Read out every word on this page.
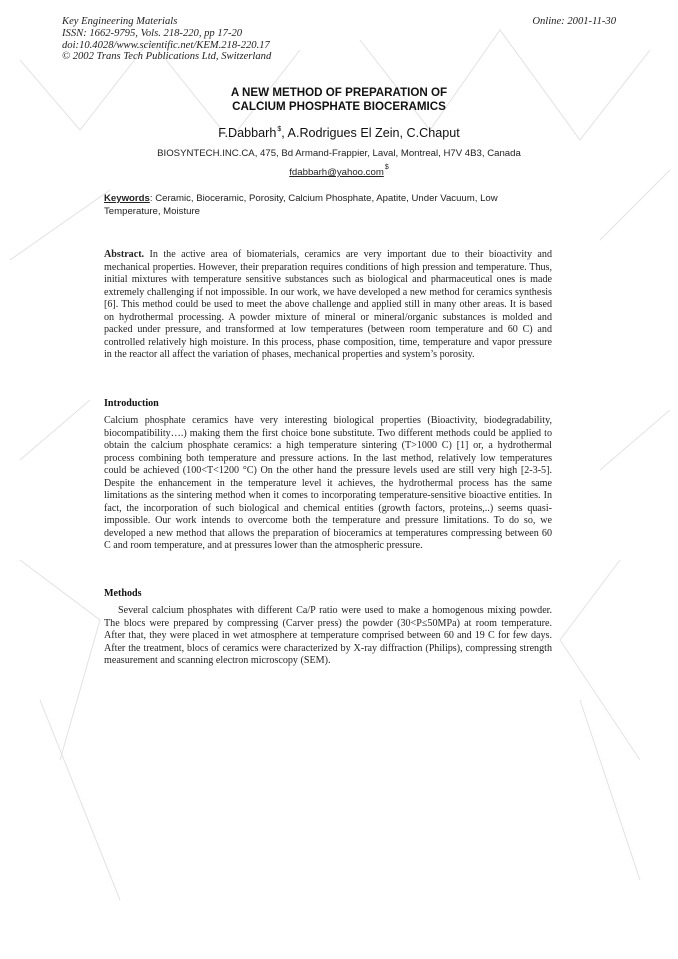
Key Engineering Materials
ISSN: 1662-9795, Vols. 218-220, pp 17-20
doi:10.4028/www.scientific.net/KEM.218-220.17
© 2002 Trans Tech Publications Ltd, Switzerland
Online: 2001-11-30
A NEW METHOD OF PREPARATION OF
CALCIUM PHOSPHATE BIOCERAMICS
F.Dabbarh$, A.Rodrigues El Zein, C.Chaput
BIOSYNTECH.INC.CA, 475, Bd Armand-Frappier, Laval, Montreal, H7V 4B3, Canada
fdabbarh@yahoo.com$
Keywords: Ceramic, Bioceramic, Porosity, Calcium Phosphate, Apatite, Under Vacuum, Low Temperature, Moisture
Abstract. In the active area of biomaterials, ceramics are very important due to their bioactivity and mechanical properties. However, their preparation requires conditions of high pression and temperature. Thus, initial mixtures with temperature sensitive substances such as biological and pharmaceutical ones is made extremely challenging if not impossible. In our work, we have developed a new method for ceramics synthesis [6]. This method could be used to meet the above challenge and applied still in many other areas. It is based on hydrothermal processing. A powder mixture of mineral or mineral/organic substances is molded and packed under pressure, and transformed at low temperatures (between room temperature and 60 C) and controlled relatively high moisture. In this process, phase composition, time, temperature and vapor pressure in the reactor all affect the variation of phases, mechanical properties and system’s porosity.
Introduction
Calcium phosphate ceramics have very interesting biological properties (Bioactivity, biodegradability, biocompatibility….) making them the first choice bone substitute. Two different methods could be applied to obtain the calcium phosphate ceramics: a high temperature sintering (T>1000 C) [1] or, a hydrothermal process combining both temperature and pressure actions. In the last method, relatively low temperatures could be achieved (100<T<1200 °C) On the other hand the pressure levels used are still very high [2-3-5]. Despite the enhancement in the temperature level it achieves, the hydrothermal process has the same limitations as the sintering method when it comes to incorporating temperature-sensitive bioactive entities. In fact, the incorporation of such biological and chemical entities (growth factors, proteins,..) seems quasi-impossible. Our work intends to overcome both the temperature and pressure limitations. To do so, we developed a new method that allows the preparation of bioceramics at temperatures compressing between 60 C and room temperature, and at pressures lower than the atmospheric pressure.
Methods
Several calcium phosphates with different Ca/P ratio were used to make a homogenous mixing powder. The blocs were prepared by compressing (Carver press) the powder (30<P≤50MPa) at room temperature. After that, they were placed in wet atmosphere at temperature comprised between 60 and 19 C for few days. After the treatment, blocs of ceramics were characterized by X-ray diffraction (Philips), compressing strength measurement and scanning electron microscopy (SEM).
